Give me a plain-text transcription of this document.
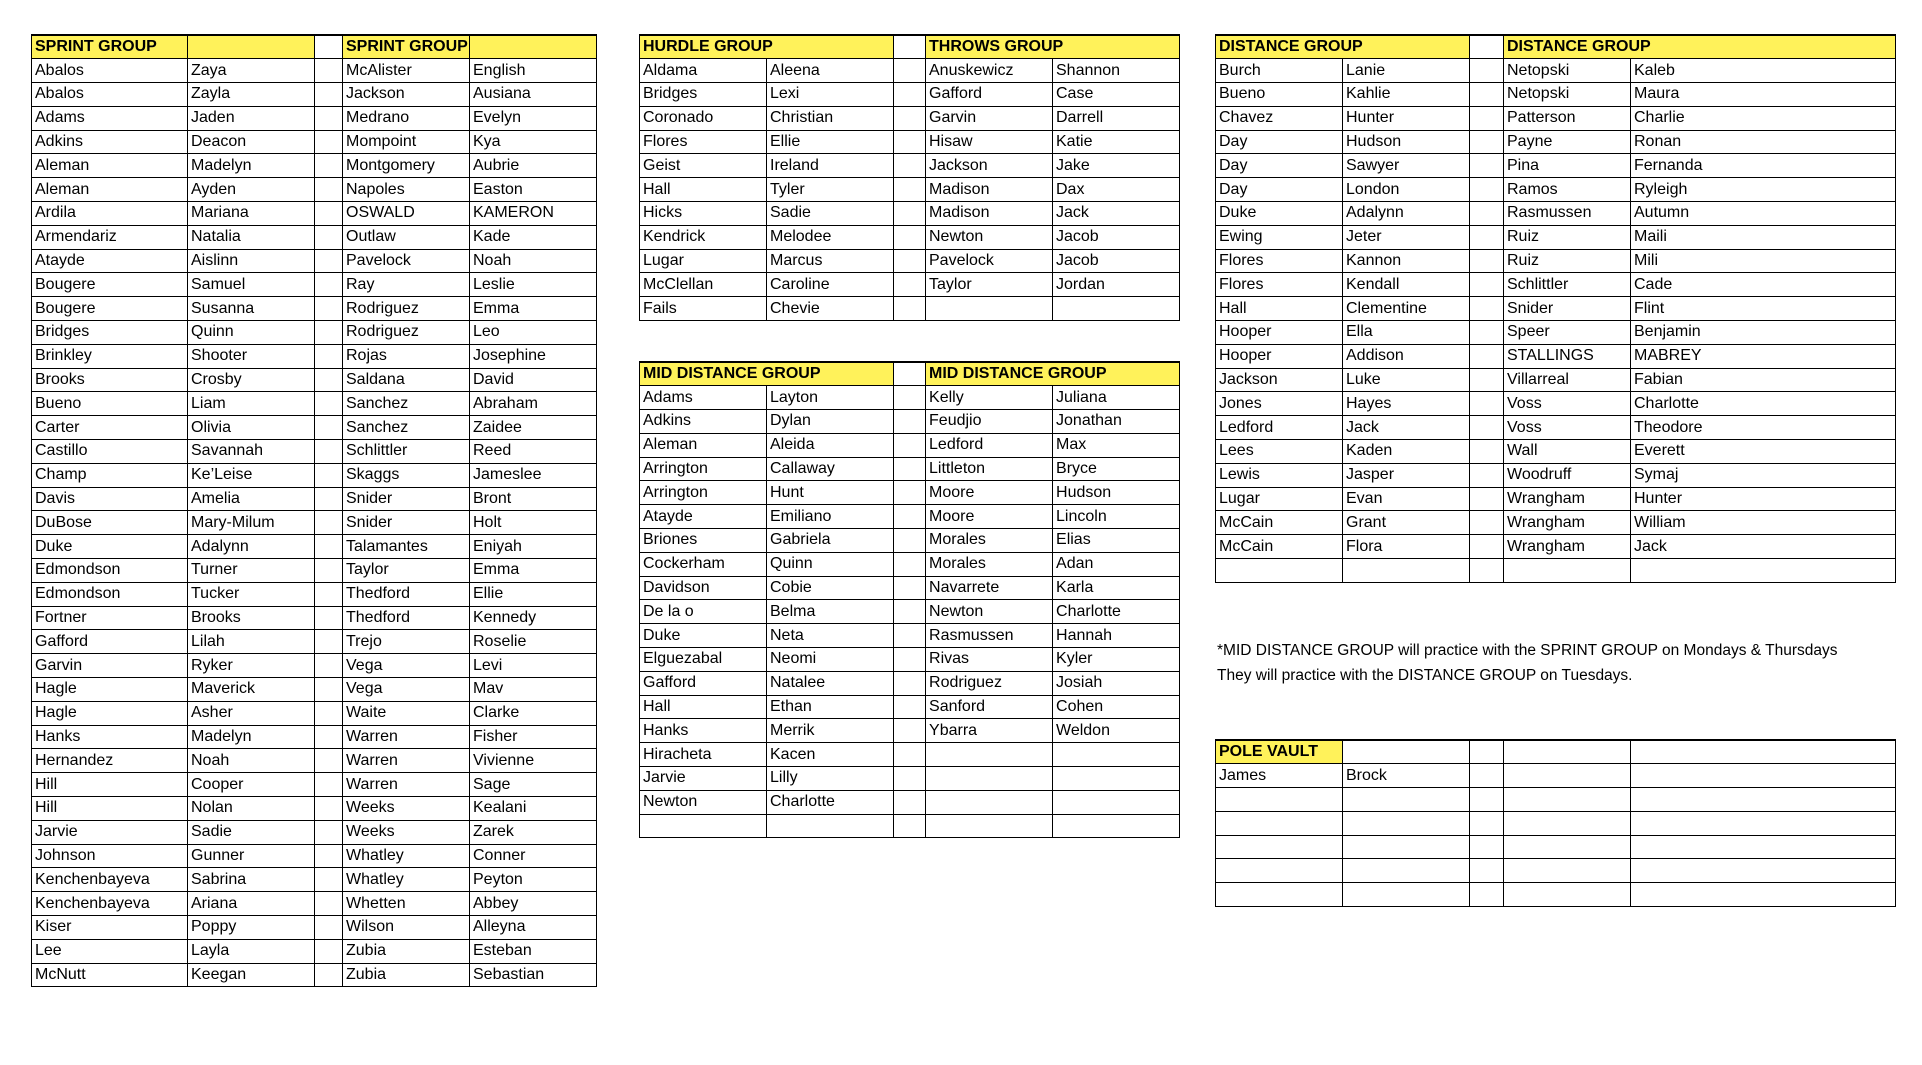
SPRINT GROUP			SPRINT GROUP	
Abalos	Zaya		McAlister	English
Abalos	Zayla		Jackson	Ausiana
Adams	Jaden		Medrano	Evelyn
Adkins	Deacon		Mompoint	Kya
Aleman	Madelyn		Montgomery	Aubrie
Aleman	Ayden		Napoles	Easton
Ardila	Mariana		OSWALD	KAMERON
Armendariz	Natalia		Outlaw	Kade
Atayde	Aislinn		Pavelock	Noah
Bougere	Samuel		Ray	Leslie
Bougere	Susanna		Rodriguez	Emma
Bridges	Quinn		Rodriguez	Leo
Brinkley	Shooter		Rojas	Josephine
Brooks	Crosby		Saldana	David
Bueno	Liam		Sanchez	Abraham
Carter	Olivia		Sanchez	Zaidee
Castillo	Savannah		Schlittler	Reed
Champ	Ke’Leise		Skaggs	Jameslee
Davis	Amelia		Snider	Bront
DuBose	Mary-Milum		Snider	Holt
Duke	Adalynn		Talamantes	Eniyah
Edmondson	Turner		Taylor	Emma
Edmondson	Tucker		Thedford	Ellie
Fortner	Brooks		Thedford	Kennedy
Gafford	Lilah		Trejo	Roselie
Garvin	Ryker		Vega	Levi
Hagle	Maverick		Vega	Mav
Hagle	Asher		Waite	Clarke
Hanks	Madelyn		Warren	Fisher
Hernandez	Noah		Warren	Vivienne
Hill	Cooper		Warren	Sage
Hill	Nolan		Weeks	Kealani
Jarvie	Sadie		Weeks	Zarek
Johnson	Gunner		Whatley	Conner
Kenchenbayeva	Sabrina		Whatley	Peyton
Kenchenbayeva	Ariana		Whetten	Abbey
Kiser	Poppy		Wilson	Alleyna
Lee	Layla		Zubia	Esteban
McNutt	Keegan		Zubia	Sebastian
HURDLE GROUP			THROWS GROUP	
Aldama	Aleena		Anuskewicz	Shannon
Bridges	Lexi		Gafford	Case
Coronado	Christian		Garvin	Darrell
Flores	Ellie		Hisaw	Katie
Geist	Ireland		Jackson	Jake
Hall	Tyler		Madison	Dax
Hicks	Sadie		Madison	Jack
Kendrick	Melodee		Newton	Jacob
Lugar	Marcus		Pavelock	Jacob
McClellan	Caroline		Taylor	Jordan
Fails	Chevie			
MID DISTANCE GROUP			MID DISTANCE GROUP	
Adams	Layton		Kelly	Juliana
Adkins	Dylan		Feudjio	Jonathan
Aleman	Aleida		Ledford	Max
Arrington	Callaway		Littleton	Bryce
Arrington	Hunt		Moore	Hudson
Atayde	Emiliano		Moore	Lincoln
Briones	Gabriela		Morales	Elias
Cockerham	Quinn		Morales	Adan
Davidson	Cobie		Navarrete	Karla
De la o	Belma		Newton	Charlotte
Duke	Neta		Rasmussen	Hannah
Elguezabal	Neomi		Rivas	Kyler
Gafford	Natalee		Rodriguez	Josiah
Hall	Ethan		Sanford	Cohen
Hanks	Merrik		Ybarra	Weldon
Hiracheta	Kacen			
Jarvie	Lilly			
Newton	Charlotte			

DISTANCE GROUP			DISTANCE GROUP	
Burch	Lanie		Netopski	Kaleb
Bueno	Kahlie		Netopski	Maura
Chavez	Hunter		Patterson	Charlie
Day	Hudson		Payne	Ronan
Day	Sawyer		Pina	Fernanda
Day	London		Ramos	Ryleigh
Duke	Adalynn		Rasmussen	Autumn
Ewing	Jeter		Ruiz	Maili
Flores	Kannon		Ruiz	Mili
Flores	Kendall		Schlittler	Cade
Hall	Clementine		Snider	Flint
Hooper	Ella		Speer	Benjamin
Hooper	Addison		STALLINGS	MABREY
Jackson	Luke		Villarreal	Fabian
Jones	Hayes		Voss	Charlotte
Ledford	Jack		Voss	Theodore
Lees	Kaden		Wall	Everett
Lewis	Jasper		Woodruff	Symaj
Lugar	Evan		Wrangham	Hunter
McCain	Grant		Wrangham	William
McCain	Flora		Wrangham	Jack

*MID DISTANCE GROUP will practice with the SPRINT GROUP on Mondays & Thursdays
They will practice with the DISTANCE GROUP on Tuesdays.
POLE VAULT				
James	Brock			
